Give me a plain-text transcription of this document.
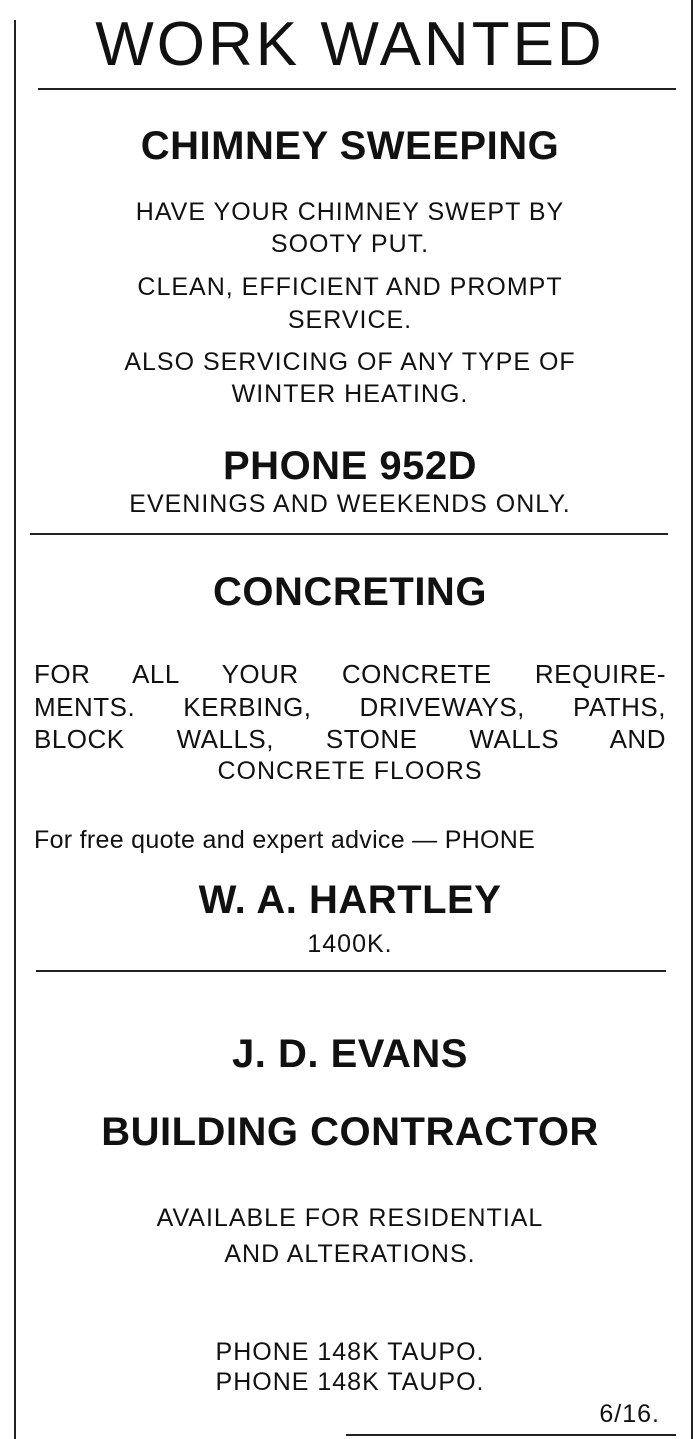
WORK WANTED
CHIMNEY SWEEPING
HAVE YOUR CHIMNEY SWEPT BY
SOOTY PUT.
CLEAN, EFFICIENT AND PROMPT
SERVICE.
ALSO SERVICING OF ANY TYPE OF
WINTER HEATING.
PHONE 952D
EVENINGS AND WEEKENDS ONLY.
CONCRETING
FOR ALL YOUR CONCRETE REQUIRE-
MENTS. KERBING, DRIVEWAYS, PATHS,
BLOCK WALLS, STONE WALLS AND
CONCRETE FLOORS
For free quote and expert advice — PHONE
W. A. HARTLEY
1400K.
J. D. EVANS
BUILDING CONTRACTOR
AVAILABLE FOR RESIDENTIAL
AND ALTERATIONS.
PHONE 148K TAUPO.
PHONE 148K TAUPO.
6/16.
